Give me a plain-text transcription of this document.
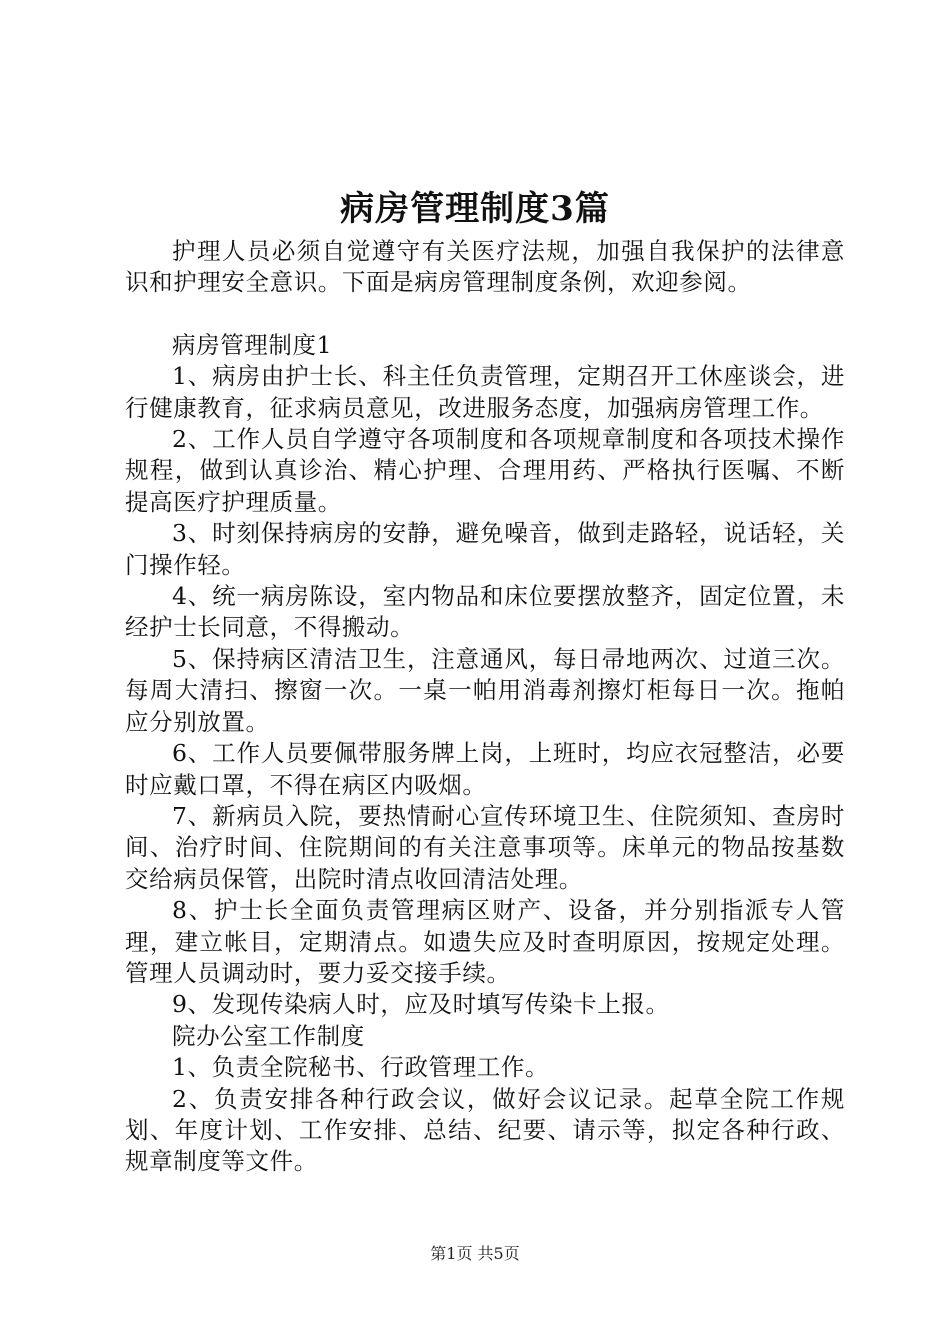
病房管理制度3篇

护理人员必须自觉遵守有关医疗法规，加强自我保护的法律意识和护理安全意识。下面是病房管理制度条例，欢迎参阅。

病房管理制度1

1、病房由护士长、科主任负责管理，定期召开工休座谈会，进行健康教育，征求病员意见，改进服务态度，加强病房管理工作。

2、工作人员自学遵守各项制度和各项规章制度和各项技术操作规程，做到认真诊治、精心护理、合理用药、严格执行医嘱、不断提高医疗护理质量。

3、时刻保持病房的安静，避免噪音，做到走路轻，说话轻，关门操作轻。

4、统一病房陈设，室内物品和床位要摆放整齐，固定位置，未经护士长同意，不得搬动。

5、保持病区清洁卫生，注意通风，每日帚地两次、过道三次。每周大清扫、擦窗一次。一桌一帕用消毒剂擦灯柜每日一次。拖帕应分别放置。

6、工作人员要佩带服务牌上岗，上班时，均应衣冠整洁，必要时应戴口罩，不得在病区内吸烟。

7、新病员入院，要热情耐心宣传环境卫生、住院须知、查房时间、治疗时间、住院期间的有关注意事项等。床单元的物品按基数交给病员保管，出院时清点收回清洁处理。

8、护士长全面负责管理病区财产、设备，并分别指派专人管理，建立帐目，定期清点。如遗失应及时查明原因，按规定处理。管理人员调动时，要力妥交接手续。

9、发现传染病人时，应及时填写传染卡上报。

院办公室工作制度

1、负责全院秘书、行政管理工作。

2、负责安排各种行政会议，做好会议记录。起草全院工作规划、年度计划、工作安排、总结、纪要、请示等，拟定各种行政、规章制度等文件。

第1页 共5页
